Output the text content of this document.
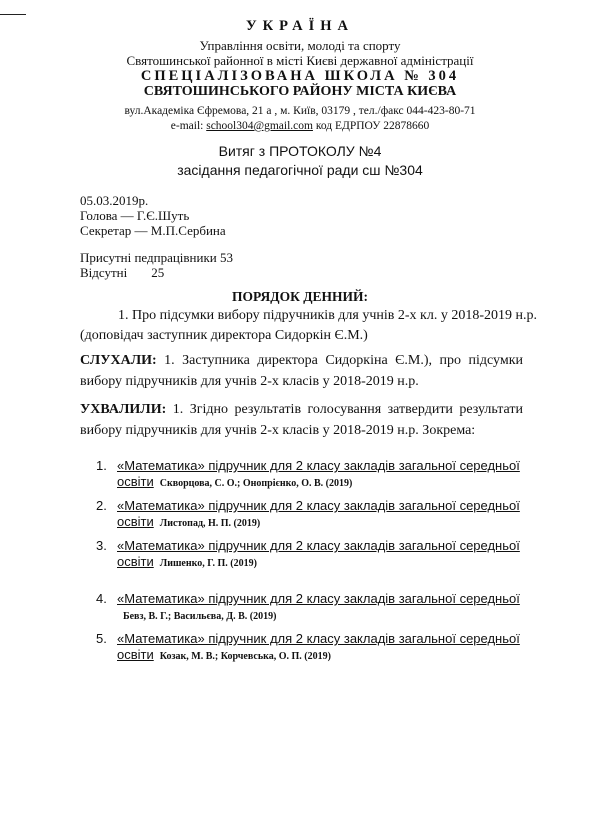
УКРАЇНА
Управління освіти, молоді та спорту
Святошинської районної в місті Києві державної адміністрації
СПЕЦІАЛІЗОВАНА ШКОЛА № 304
СВЯТОШИНСЬКОГО РАЙОНУ МІСТА КИЄВА
вул.Академіка Єфремова, 21 а , м. Київ, 03179 , тел./факс 044-423-80-71
e-mail: school304@gmail.com код ЕДРПОУ 22878660
Витяг з ПРОТОКОЛУ №4
засідання педагогічної ради сш №304
05.03.2019р.
Голова — Г.Є.Шуть
Секретар — М.П.Сербина
Присутні педпрацівники 53
Відсутні 25
ПОРЯДОК ДЕННИЙ:
1. Про підсумки вибору підручників для учнів 2-х кл. у 2018-2019 н.р.
(доповідач заступник директора Сидоркін Є.М.)
СЛУХАЛИ: 1. Заступника директора Сидоркіна Є.М.), про підсумки
вибору підручників для учнів 2-х класів у 2018-2019 н.р.
УХВАЛИЛИ: 1. Згідно результатів голосування затвердити результати
вибору підручників для учнів 2-х класів у 2018-2019 н.р. Зокрема:
1. «Математика» підручник для 2 класу закладів загальної середньої
освіти Скворцова, С. О.; Онопрієнко, О. В. (2019)
2. «Математика» підручник для 2 класу закладів загальної середньої
освіти Листопад, Н. П. (2019)
3. «Математика» підручник для 2 класу закладів загальної середньої
освіти Лишенко, Г. П. (2019)
4. «Математика» підручник для 2 класу закладів загальної середньої
Бевз, В. Г.; Васильєва, Д. В. (2019)
5. «Математика» підручник для 2 класу закладів загальної середньої
освіти Козак, М. В.; Корчевська, О. П. (2019)
